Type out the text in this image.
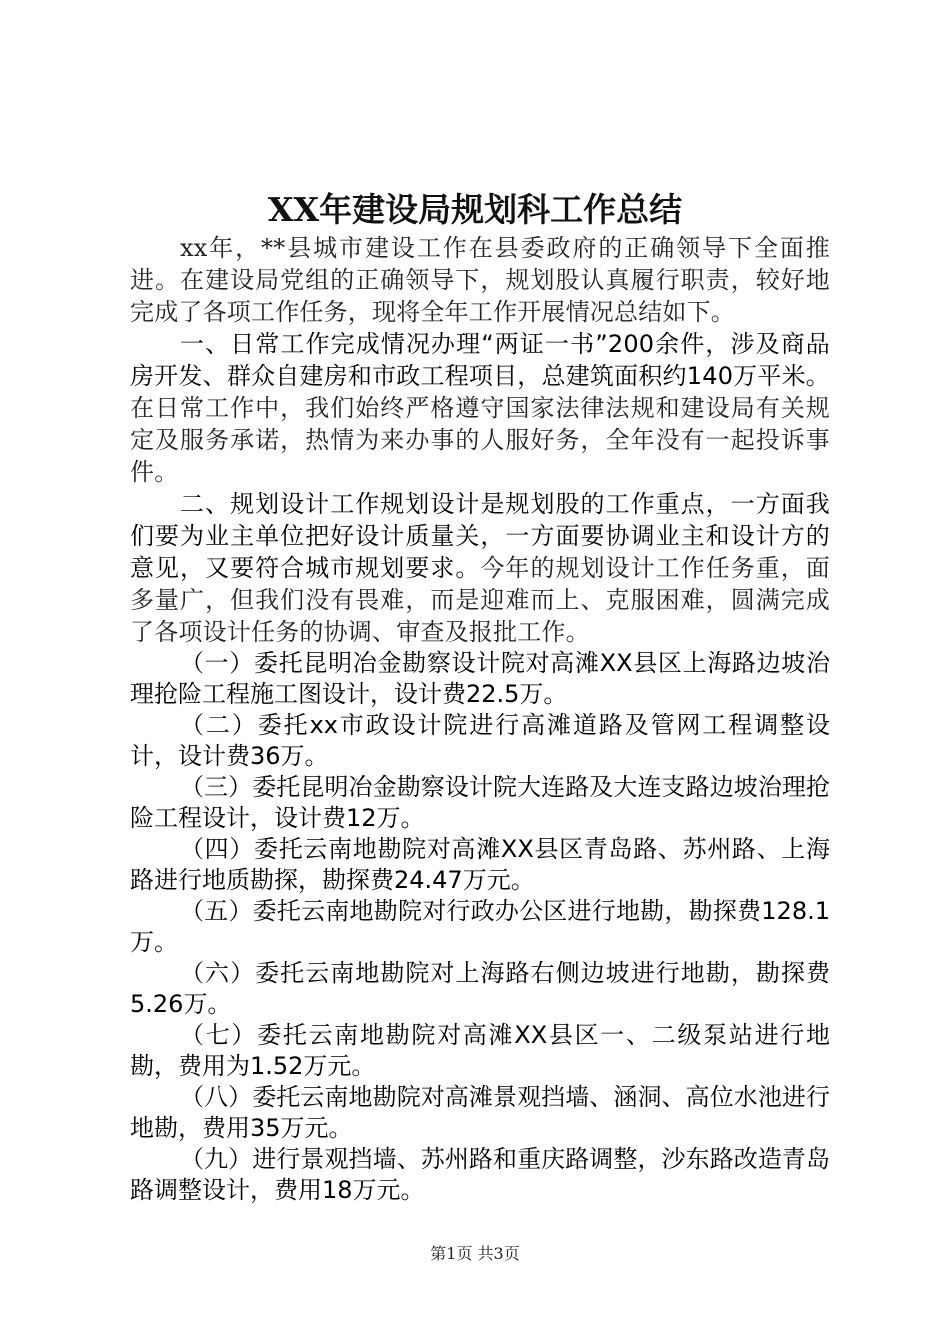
XX年建设局规划科工作总结

xx年，**县城市建设工作在县委政府的正确领导下全面推进。在建设局党组的正确领导下，规划股认真履行职责，较好地完成了各项工作任务，现将全年工作开展情况总结如下。

一、日常工作完成情况办理“两证一书”200余件，涉及商品房开发、群众自建房和市政工程项目，总建筑面积约140万平米。在日常工作中，我们始终严格遵守国家法律法规和建设局有关规定及服务承诺，热情为来办事的人服好务，全年没有一起投诉事件。

二、规划设计工作规划设计是规划股的工作重点，一方面我们要为业主单位把好设计质量关，一方面要协调业主和设计方的意见，又要符合城市规划要求。今年的规划设计工作任务重，面多量广，但我们没有畏难，而是迎难而上、克服困难，圆满完成了各项设计任务的协调、审查及报批工作。

（一）委托昆明冶金勘察设计院对高滩XX县区上海路边坡治理抢险工程施工图设计，设计费22.5万。

（二）委托xx市政设计院进行高滩道路及管网工程调整设计，设计费36万。

（三）委托昆明冶金勘察设计院大连路及大连支路边坡治理抢险工程设计，设计费12万。

（四）委托云南地勘院对高滩XX县区青岛路、苏州路、上海路进行地质勘探，勘探费24.47万元。

（五）委托云南地勘院对行政办公区进行地勘，勘探费128.1万。

（六）委托云南地勘院对上海路右侧边坡进行地勘，勘探费5.26万。

（七）委托云南地勘院对高滩XX县区一、二级泵站进行地勘，费用为1.52万元。

（八）委托云南地勘院对高滩景观挡墙、涵洞、高位水池进行地勘，费用35万元。

（九）进行景观挡墙、苏州路和重庆路调整，沙东路改造青岛路调整设计，费用18万元。

第1页 共3页
